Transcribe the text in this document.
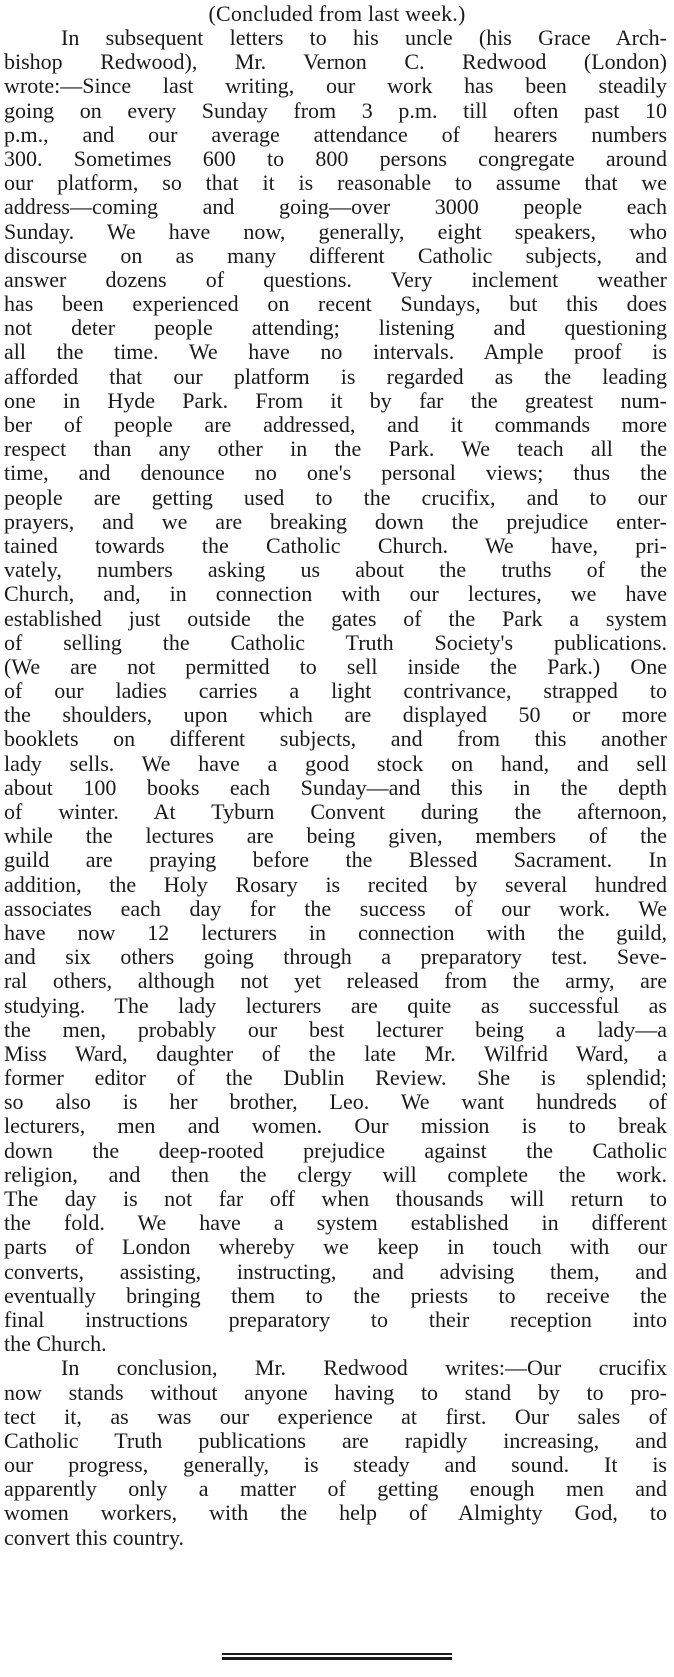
(Concluded from last week.)
In subsequent letters to his uncle (his Grace Arch-
bishop Redwood), Mr. Vernon C. Redwood (London)
wrote:—Since last writing, our work has been steadily
going on every Sunday from 3 p.m. till often past 10
p.m., and our average attendance of hearers numbers
300. Sometimes 600 to 800 persons congregate around
our platform, so that it is reasonable to assume that we
address—coming and going—over 3000 people each
Sunday. We have now, generally, eight speakers, who
discourse on as many different Catholic subjects, and
answer dozens of questions. Very inclement weather
has been experienced on recent Sundays, but this does
not deter people attending; listening and questioning
all the time. We have no intervals. Ample proof is
afforded that our platform is regarded as the leading
one in Hyde Park. From it by far the greatest num-
ber of people are addressed, and it commands more
respect than any other in the Park. We teach all the
time, and denounce no one's personal views; thus the
people are getting used to the crucifix, and to our
prayers, and we are breaking down the prejudice enter-
tained towards the Catholic Church. We have, pri-
vately, numbers asking us about the truths of the
Church, and, in connection with our lectures, we have
established just outside the gates of the Park a system
of selling the Catholic Truth Society's publications.
(We are not permitted to sell inside the Park.) One
of our ladies carries a light contrivance, strapped to
the shoulders, upon which are displayed 50 or more
booklets on different subjects, and from this another
lady sells. We have a good stock on hand, and sell
about 100 books each Sunday—and this in the depth
of winter. At Tyburn Convent during the afternoon,
while the lectures are being given, members of the
guild are praying before the Blessed Sacrament. In
addition, the Holy Rosary is recited by several hundred
associates each day for the success of our work. We
have now 12 lecturers in connection with the guild,
and six others going through a preparatory test. Seve-
ral others, although not yet released from the army, are
studying. The lady lecturers are quite as successful as
the men, probably our best lecturer being a lady—a
Miss Ward, daughter of the late Mr. Wilfrid Ward, a
former editor of the Dublin Review. She is splendid;
so also is her brother, Leo. We want hundreds of
lecturers, men and women. Our mission is to break
down the deep-rooted prejudice against the Catholic
religion, and then the clergy will complete the work.
The day is not far off when thousands will return to
the fold. We have a system established in different
parts of London whereby we keep in touch with our
converts, assisting, instructing, and advising them, and
eventually bringing them to the priests to receive the
final instructions preparatory to their reception into
the Church.
In conclusion, Mr. Redwood writes:—Our crucifix
now stands without anyone having to stand by to pro-
tect it, as was our experience at first. Our sales of
Catholic Truth publications are rapidly increasing, and
our progress, generally, is steady and sound. It is
apparently only a matter of getting enough men and
women workers, with the help of Almighty God, to
convert this country.
